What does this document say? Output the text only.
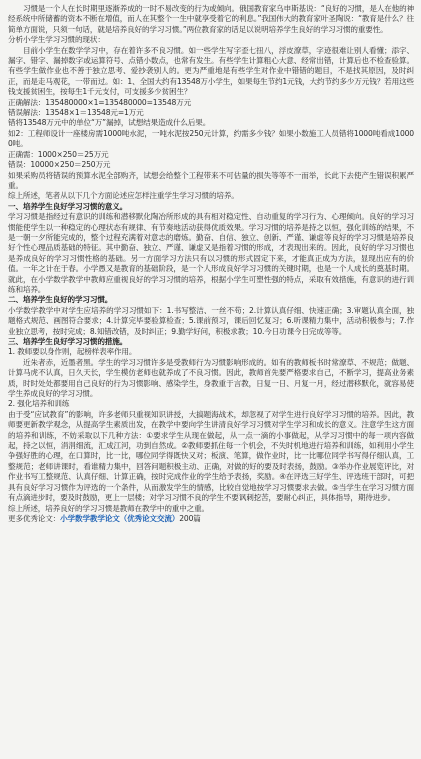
习惯是一个人在长时期里逐渐养成的一时不易改变的行为或倾向。俄国教育家乌申斯基说：“良好的习惯，是人在他的神经系统中所储蓄的资本不断在增值，而人在其整个一生中就享受着它的利息。”我国伟大的教育家叶圣陶说：“教育是什么？往简单方面说，只须一句话，就是培养良好的学习习惯。”两位教育家的话足以说明培养学生良好的学习习惯的重要性。

分析小学生学习习惯的现状：

目前小学生在数学学习中，存在着许多不良习惯。如一些学生写字歪七扭八，浮皮潦草，字迹很难让别人看懂；添字、漏字、错字、漏掉数字或运算符号、点错小数点，也常有发生。有些学生计算粗心大意、经常出错，计算后也不检查验算。有些学生做作业也不善于独立思考、爱抄袭别人的。更为严重地是有些学生对作业中错错的题目，不是找其原因，及时纠正，而是走马观花，一带而过。如：1、全国大约有13548万小学生，如果每生节约1元钱，大约节约多少万元钱？若用这些钱支援贫困生，按每生1千元支付，可支援多少贫困生？

正确解法：135480000×1=135480000=13548万元

错误解法：13548×1＝13548元=1万元

错将13548万元中的单位“万”漏掉，试想结果造成什么后果。

如2：工程师设计一座楼房需1000吨水泥，一吨水泥按250元计算，约需多少钱？如果小数施工人员错将1000吨看成10000吨。

正确需：1000×250＝25万元

错误：10000×250＝250万元

如果采购员将错误的预算水泥全部购齐，试想会给整个工程带来不可估量的损失等等不一而举，长此下去使产生错误积累严重。

综上所述，笔者从以下几个方面论述应怎样注重学生学习习惯的培养。

一、培养学生良好学习习惯的意义。

学习习惯是指经过有意识的训练和潜移默化陶冶所形成的具有相对稳定性、自动重复的学习行为、心理倾向。良好的学习习惯能使学生以一种稳定的心理状态有规律、有节奏地活动获得优质效果。学习习惯的培养是持之以恒，强化训练的结果，不是一朝一夕所能完成的，整个过程充满着对意志的磨炼。勤奋、自信、独立、创新、严谨、谦虚等良好的学习习惯是培养良好个性心理品质基础的特征。其中勤奋、独立、严谨、谦虚又是指着习惯的形成，才表现出来的。因此，良好的学习习惯也是养成良好的学习习惯性格的基础。另一方面学习方法只有以习惯的形式固定下来，才能真正成为方法，显现出应有的价值。一年之计在于春。小学愚又是教育的基础阶段，是一个人形成良好学习习惯的关键时期，也是一个人成长的奠基时期。就此，在小学数学教学中教师应重视良好的学习习惯的培养，根据小学生可塑性强的特点，采取有效措施，有意识的进行训练和培养。

二、培养学生良好的学习习惯。

小学数学教学中对学生应培养的学习习惯如下：1.书写整洁、一丝不苟；2.计算认真仔细、快速正确；3.审题认真全面，独题格式规范、画图符合要求；4.计算完毕要验算检查；5.课前预习，课后回忆复习；6.听课精力集中，活动积极参与；7.作业独立思考，按时完成；8.知错改错，及时纠正；9.勤学好问，积极求教；10.今日功课今日完成等等。

三、培养学生良好学习习惯的措施。

1. 教师要以身作则，起榜样表率作用。

近朱者赤，近墨者黑。学生的学习习惯许多是受教师行为习惯影响形成的。如有的教师板书时常潦草、不规范；做题、计算马虎不认真，日久天长，学生模仿老师也就养成了不良习惯。因此，教师首先要严格要求自己，不断学习，提高业务素质，时时处处都要用自己良好的行为习惯影响、感染学生，身教重于言教，日复一日、月复一月，经过潜移默化，就容易使学生养成良好的学习习惯。

2. 强化培养和训练

由于受“应试教育”的影响，许多老师只重视知识讲授，大搞题海战术，却忽视了对学生进行良好学习习惯的培养。因此，教师要更新教学观念，从提高学生素质出发，在教学中要向学生讲清良好学习习惯对学生学习和成长的意义。注意学生这方面的培养和训练，不妨采取以下几种方法：①要求学生从现在做起，从一点一滴的小事做起，从学习习惯中的每一项内容做起，持之以恒，涓涓细流，汇成江河，功到自然成。②教师要抓住每一个机会，不失时机地进行培养和训练，如利用小学生争强好胜的心理，在口算时，比一比，哪位同学得既快又对；板演、笔算，做作业时，比一比哪位同学书写得仔细认真，工整规范；老师讲课时，看谁精力集中，回答问题积极主动、正确，对做的好的要及时表扬，鼓励。③举办作业展览评比，对作业书写工整规范、认真仔细、计算正确，按时完成作业的学生给予表扬，奖励。④在评选三好学生、评选班干部时，可把具有良好学习习惯作为评选的一个条件，从而激发学生的情感，比较自觉地按学习习惯要求去做。⑤当学生在学习习惯方面有点滴进步时，要及时鼓励，更上一层楼；对学习习惯不良的学生不要讽刺挖苦，要耐心纠正，具体指导，期待进步。

综上所述，培养良好的学习习惯是教师在教学中的重中之重。

更多优秀论文：小学数学教学论文（优秀论文交流）200篇
